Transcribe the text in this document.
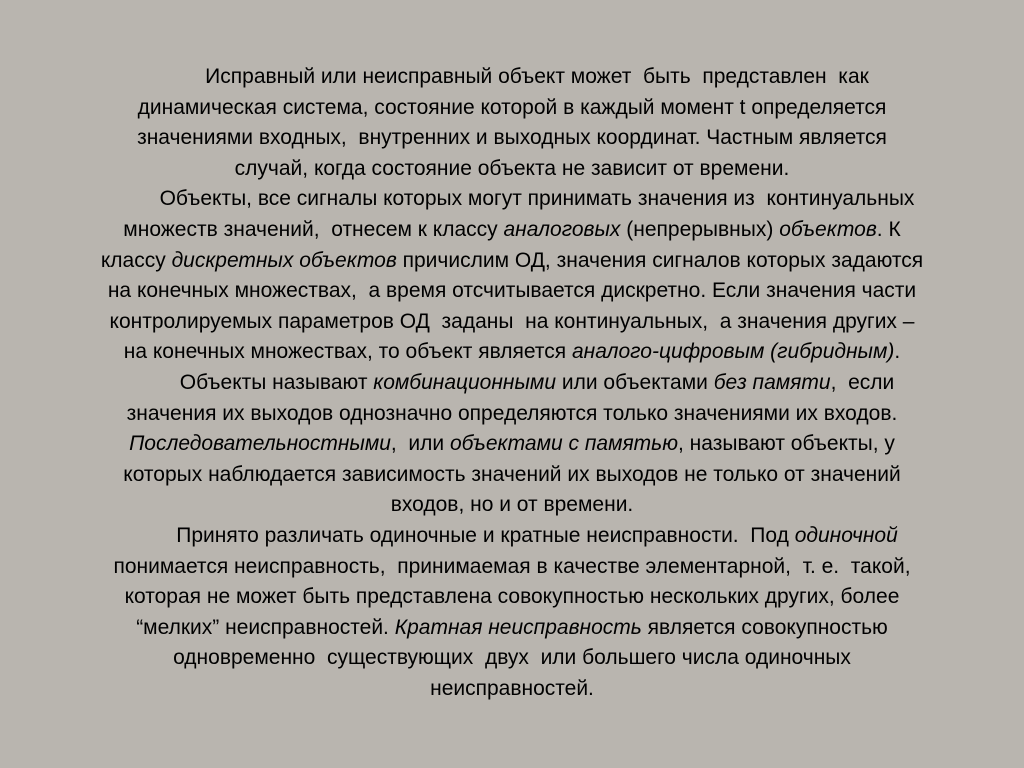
Исправный или неисправный объект может  быть  представлен  как
динамическая система, состояние которой в каждый момент t определяется
значениями входных,  внутренних и выходных координат. Частным является
случай, когда состояние объекта не зависит от времени.
Объекты, все сигналы которых могут принимать значения из  континуальных
множеств значений,  отнесем к классу аналоговых (непрерывных) объектов. К
классу дискретных объектов причислим ОД, значения сигналов которых задаются
на конечных множествах,  а время отсчитывается дискретно. Если значения части
контролируемых параметров ОД  заданы  на континуальных,  а значения других –
на конечных множествах, то объект является аналого-цифровым (гибридным).
Объекты называют комбинационными или объектами без памяти,  если
значения их выходов однозначно определяются только значениями их входов.
Последовательностными,  или объектами с памятью, называют объекты, у
которых наблюдается зависимость значений их выходов не только от значений
входов, но и от времени.
Принято различать одиночные и кратные неисправности.  Под одиночной
понимается неисправность,  принимаемая в качестве элементарной,  т. е.  такой,
которая не может быть представлена совокупностью нескольких других, более
“мелких” неисправностей. Кратная неисправность является совокупностью
одновременно  существующих  двух  или большего числа одиночных
неисправностей.
